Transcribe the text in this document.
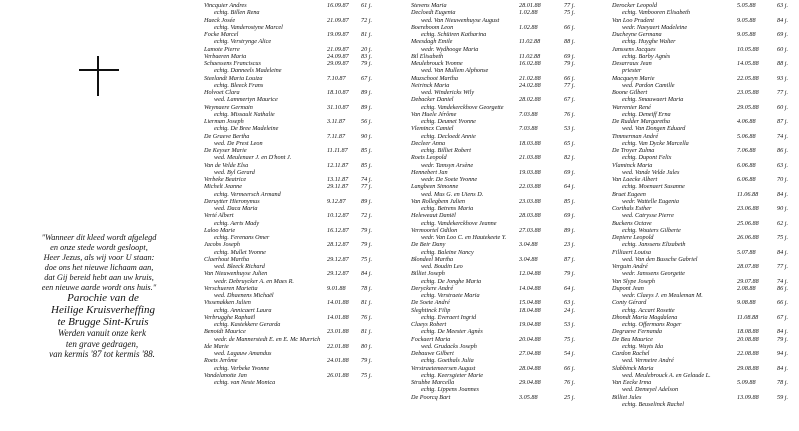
"Wanneer dit kleed wordt afgelegd
en onze stede wordt gesloopt,
Heer Jezus, als wij voor U staan:
doe ons het nieuwe lichaam aan,
dat Gij bereid hebt aan uw kruis,
een nieuwe aarde wordt ons huis."
Parochie van de
Heilige Kruisverheffing
te Brugge Sint-Kruis
Werden vanuit onze kerk
ten grave gedragen,
van kermis '87 tot kermis '88.
Vincquier Andres	16.09.87 61 j.
echtg. Billen Rena
Haeck Josée	21.09.87 72 j.
echtg. Vanderostyne Marcel
Focke Marcel	19.09.87 81 j.
echtg. Verstrynge Alice
Lamote Pierre	21.09.87 20 j.
Verbaeren Maria	24.09.87 83 j.
Schaessens Franciscus	29.09.87 79 j.
echtg. Danneels Madeleine
Steelandt Maria Louiza	7.10.87 67 j.
echtg. Bleeck Frans
Holvoet Clara	18.10.87 89 j.
wed. Lammertyn Maurice
Weymaere Germain	31.10.87 89 j.
echtg. Missault Nathalie
Lierman Joseph	3.11.87	56 j.
echtg. De Bree Madeleine
De Graeve Bertha	7.11.87	90 j.
wed. De Prest Leon
De Keyser Marie	11.11.87 85 j.
wed. Meulenaer J. en D'hont J.
Van de Velde Elsa	12.11.87 85 j.
wed. Byl Gerard
Verbeke Beatrice	13.11.87 74 j.
Michelt Jeanne	29.11.87 77 j.
echtg. Vermeersch Armand
Deruytter Hieronymus	9.12.87 89 j.
wed. Daca Maria
Verté Albert	10.12.87 72 j.
echtg. Aerts Mady
Laloo Marie	16.12.87 79 j.
echtg. Ferenans Omer
Jacobs Joseph	28.12.87 79 j.
echtg. Mullet Yvonne
Claerhout Martha	29.12.87 75 j.
wed. Bleeck Richard
Van Nieuwenhuyse Julien	29.12.87 84 j.
wedr. Debruycker A. en Maes R.
Verschueren Marietta	9.01.88 78 j.
wed. Dhaenens Michaël
Vissenakken Julien	14.01.88 81 j.
echtg. Annicaert Laura
Verbrugghe Raphaël	14.01.88 76 j.
echtg. Kastekkere Gerarda
Benoidt Maurice	23.01.88 81 j.
wedr. de Mannerstedt E. en E. Mc Murrich
Ide Marie	22.01.88 80 j.
wed. Lagauw Amandus
Roets Jerôme	24.01.88 79 j.
echtg. Verbeke Yvonne
Vandelanotte Jan	26.01.88 75 j.
echtg. van Neste Monica
Stevens Maria	28.01.88	77 j.
Decloedt Eugenia	1.02.88	75 j.
wed. Van Nieuwenhuyse August
Boereboom Leon	1.02.88	66 j.
echtg. Schüiren Katharina
Meesdagh Emile	11.02.88	88 j.
wedr. Wydhooge Maria
Bil Elisabeth	11.02.88	69 j.
Meulebrouck Yvonne	16.02.88	79 j.
wed. Van Mullem Alphonse
Muzschoot Martha	21.02.88	66 j.
Neirinck Maria	24.02.88	77 j.
wed. Windericks Wily
Debacker Daniel	28.02.88	67 j.
echtg. Vandekerckhove Georgette
Van Huele Jérôme	7.03.88	76 j.
echtg. Deumet Yvonne
Vlemincx Camiel	7.03.88	53 j.
echtg. Decloedt Annie
Decleer Anna	18.03.88	65 j.
echtg. Billiet Robert
Roets Leopold	21.03.88	82 j.
wedr. Tamsyn Arsène
Hennebert Jan	19.03.88	69 j.
wedr. De Soete Yvonne
Langbeen Simonne	22.03.88	64 j.
wed. Mus G. en Uiens D.
Van Rollegbem Julien	23.03.88	85 j.
echtg. Betrens Maria
Heleweaut Daniël	28.03.88	69 j.
echtg. Vandekerckhove Jeanne
Vermoortel Odilon	27.03.88	89 j.
wedr. Van Loo C. en Hautekeete Y.
De Beir Dany	3.04.88	23 j.
echtg. Baleine Nancy
Blondeel Martha	3.04.88	87 j.
wed. Boudin Leo
Billiet Joseph	12.04.88	79 j.
echtg. De Jonghe Maria
Deryckere André	14.04.88	64 j.
echtg. Verstraete Maria
De Soete André	15.04.88	63 j.
Sleghtinck Filip	18.04.88	24 j.
echtg. Everaert Ingrid
Claeys Robert	19.04.88	53 j.
echtg. De Meester Agnès
Fockaert Maria	20.04.88	75 j.
wed. Grudacks Joseph
Debauwe Gilbert	27.04.88	54 j.
echtg. Goethals Julia
Verstraetemeersen August	28.04.88	66 j.
echtg. Keersgieter Marie
Strubbe Marcella	29.04.88	76 j.
echtg. Lippens Joannes
De Poorcq Bart	3.05.88	25 j.
Derocker Leopold	5.05.88	63 j.
echtg. Vanbooren Elisabeth
Van Loo Prudent	9.05.88	84 j.
wedr. Naeyaert Madeleine
Ducheyne Germana	9.05.88	69 j.
echtg. Huyghe Walter
Janssens Jacques	10.05.88	60 j.
echtg. Barby Agnès
Desarraux Jean	14.05.88	88 j.
priester
Macqueyn Marie	22.05.88	93 j.
wed. Pardon Camille
Boone Gilbert	23.05.88	77 j.
echtg. Smauwaert Maria
Warrenier René	29.05.88	60 j.
echtg. Deneiff Erna
De Rudder Margaretha	4.06.88	87 j.
wed. Van Dongen Eduard
Timmerman André	5.06.88	74 j.
echtg. Van Dycke Marcella
De Troyer Zulma	7.06.88	86 j.
echtg. Dupont Felix
Vlaminck Maria	6.06.88	63 j.
wed. Vande Velde Jules
Van Laecke Albert	6.06.88	70 j.
echtg. Moenaert Susanne
Bruet Eugeen	11.06.88	84 j.
wedr. Wattelle Eugenia
Corthals Esther	23.06.88	90 j.
wed. Catrysse Pierre
Buckens Octave	25.06.88	62 j.
echtg. Wouters Gilberte
Depiere Leopold	26.06.88	75 j.
echtg. Janssens Elizabeth
Filliaert Louisa	5.07.88	84 j.
wed. Van den Bussche Gabriel
Verguin André	28.07.88	77 j.
wedr. Janssens Georgette
Van Slype Joseph	29.07.88	74 j.
Dupont Jean	2.08.88	86 j.
wedr. Claeys J. en Meuleman M.
Conty Gérard	9.08.88	66 j.
echtg. Accart Rosette
Dhondt Maria Magdalena	11.08.88	67 j.
echtg. Offermans Roger
Degraeve Fernanda	18.08.88	84 j.
De Beu Maurice	20.08.88	79 j.
echtg. Wuyts Ida
Cardon Rachel	22.08.88	94 j.
wed. Vermeire André
Slabbinck Maria	29.08.88	84 j.
wed. Meulebrouck A. en Gelaude L.
Van Eecke Irma	5.09.88	78 j.
wed. Demeyel Adelson
Billiet Jules	13.09.88	59 j.
echtg. Beuselinck Rachel
